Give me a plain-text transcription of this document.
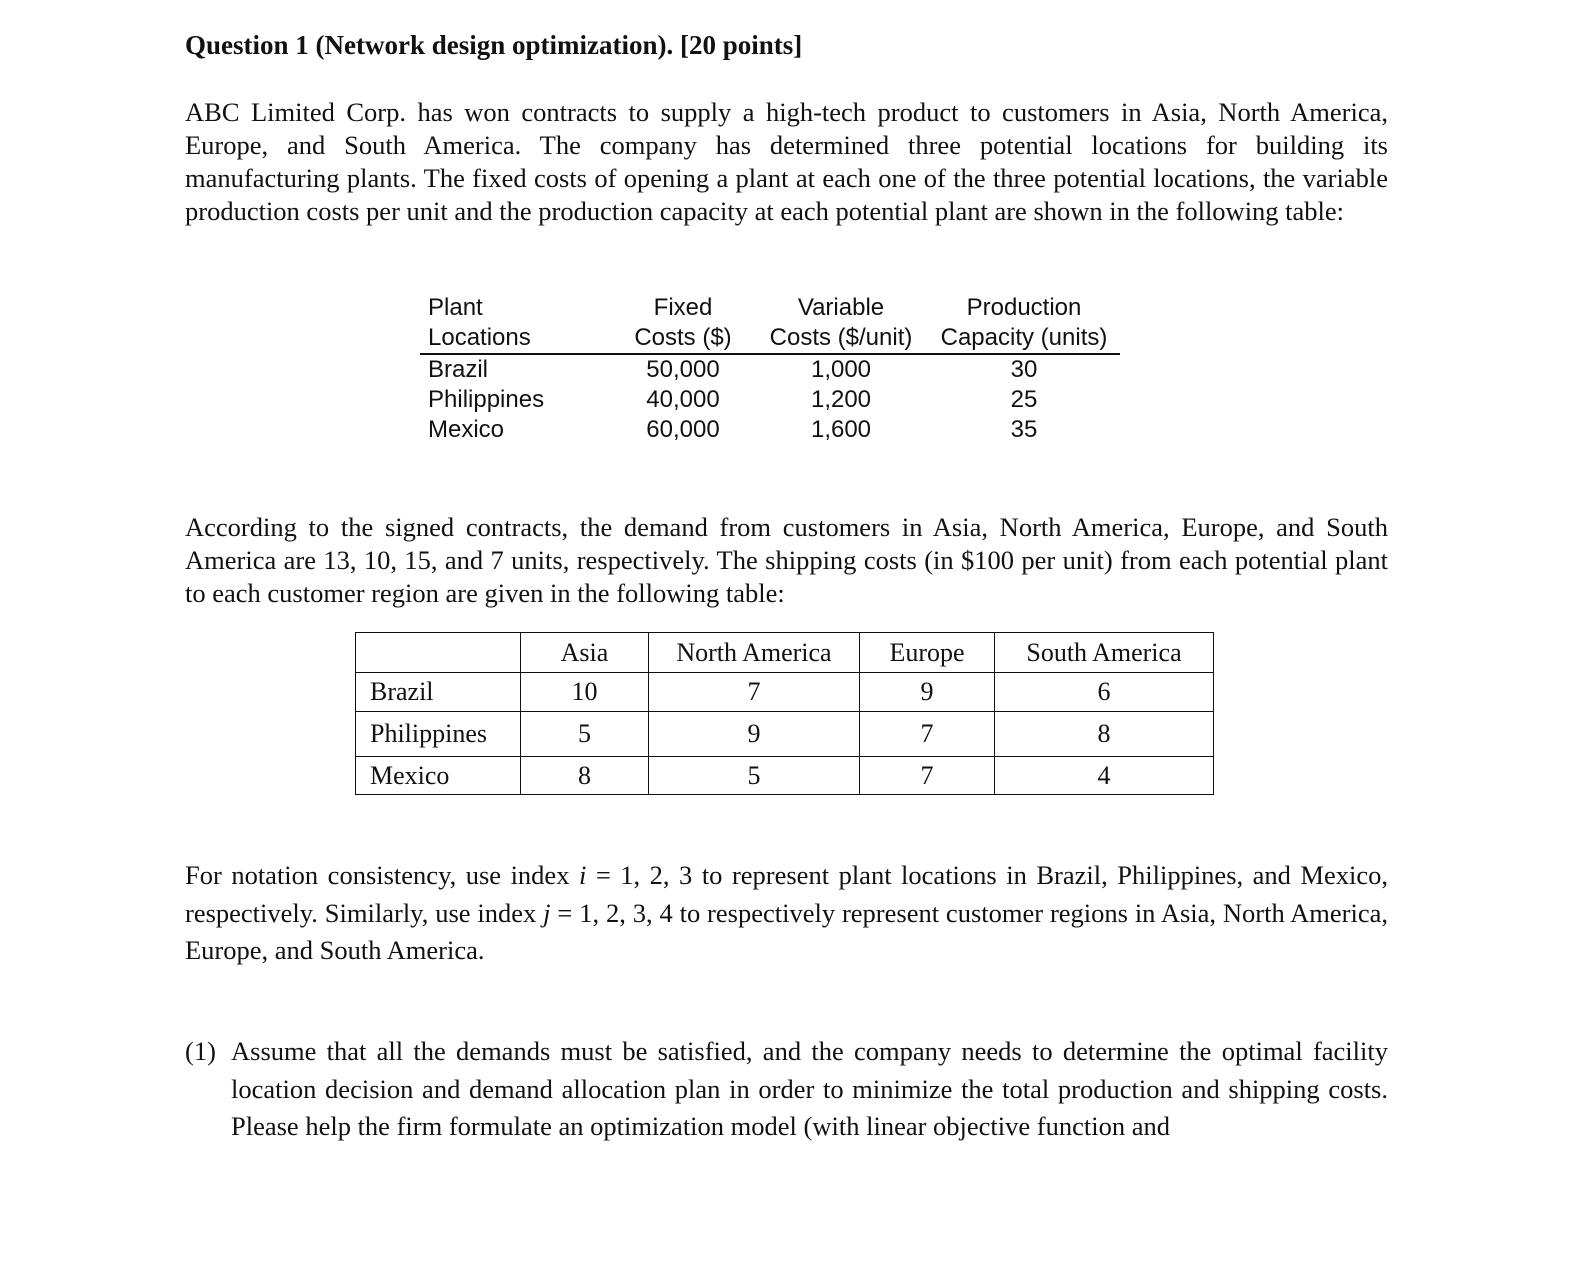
Question 1 (Network design optimization). [20 points]

ABC Limited Corp. has won contracts to supply a high-tech product to customers in Asia, North America, Europe, and South America. The company has determined three potential locations for building its manufacturing plants. The fixed costs of opening a plant at each one of the three potential locations, the variable production costs per unit and the production capacity at each potential plant are shown in the following table:

Plant	Fixed	Variable	Production
Locations	Costs ($)	Costs ($/unit)	Capacity (units)
Brazil	50,000	1,000	30
Philippines	40,000	1,200	25
Mexico	60,000	1,600	35

According to the signed contracts, the demand from customers in Asia, North America, Europe, and South America are 13, 10, 15, and 7 units, respectively. The shipping costs (in $100 per unit) from each potential plant to each customer region are given in the following table:

	Asia	North America	Europe	South America
Brazil	10	7	9	6
Philippines	5	9	7	8
Mexico	8	5	7	4

For notation consistency, use index i = 1, 2, 3 to represent plant locations in Brazil, Philippines, and Mexico, respectively. Similarly, use index j = 1, 2, 3, 4 to respectively represent customer regions in Asia, North America, Europe, and South America.

(1) Assume that all the demands must be satisfied, and the company needs to determine the optimal facility location decision and demand allocation plan in order to minimize the total production and shipping costs. Please help the firm formulate an optimization model (with linear objective function and
